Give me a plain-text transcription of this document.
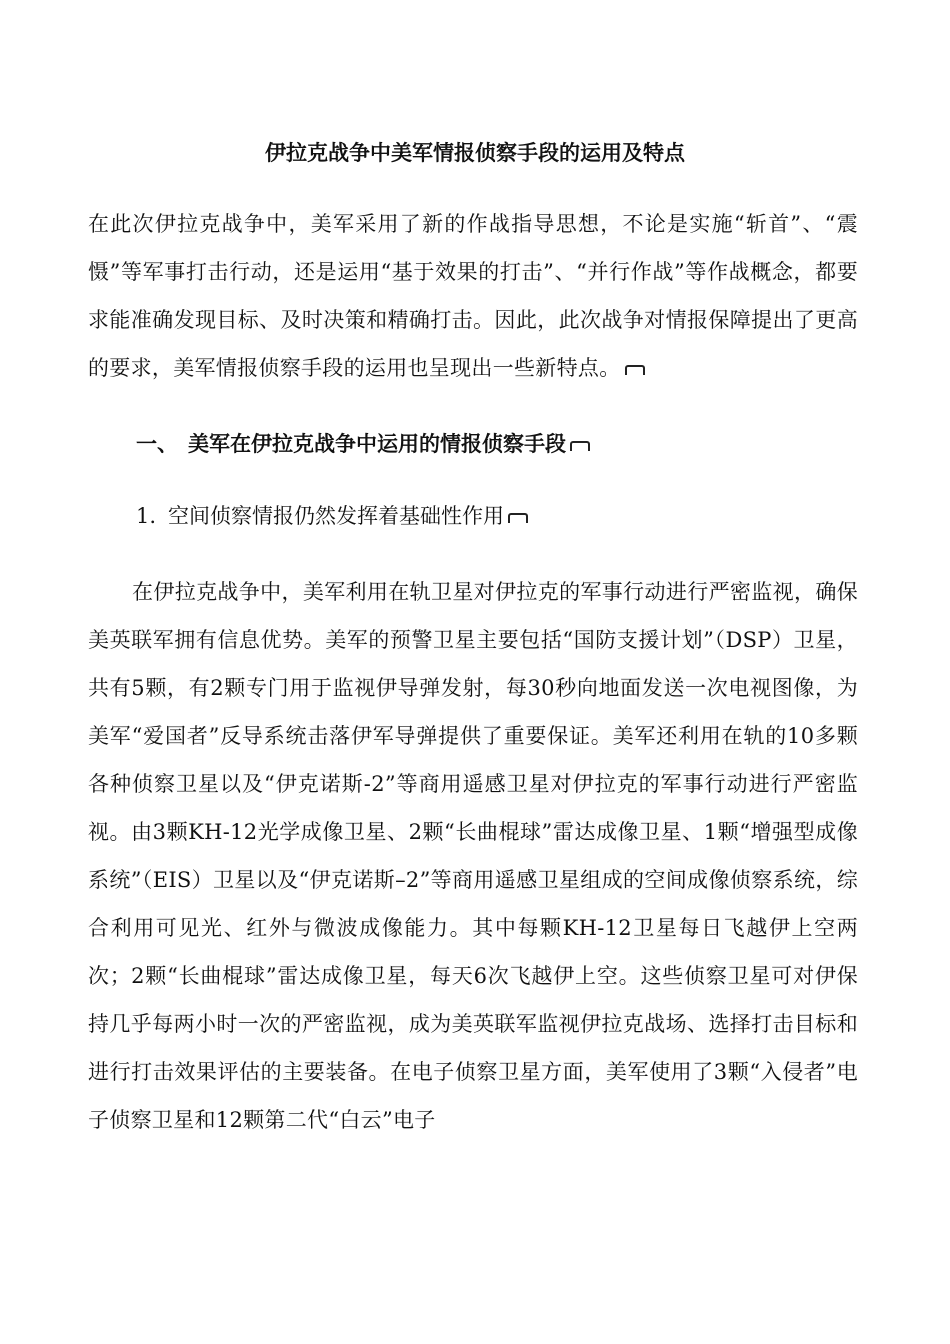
伊拉克战争中美军情报侦察手段的运用及特点
在此次伊拉克战争中，美军采用了新的作战指导思想，不论是实施“斩首”、“震慑”等军事打击行动，还是运用“基于效果的打击”、“并行作战”等作战概念，都要求能准确发现目标、及时决策和精确打击。因此，此次战争对情报保障提出了更高的要求，美军情报侦察手段的运用也呈现出一些新特点。
一、 美军在伊拉克战争中运用的情报侦察手段
1. 空间侦察情报仍然发挥着基础性作用
在伊拉克战争中，美军利用在轨卫星对伊拉克的军事行动进行严密监视，确保美英联军拥有信息优势。美军的预警卫星主要包括“国防支援计划”（DSP）卫星，共有5颗，有2颗专门用于监视伊导弹发射，每30秒向地面发送一次电视图像，为美军“爱国者”反导系统击落伊军导弹提供了重要保证。美军还利用在轨的10多颗各种侦察卫星以及“伊克诺斯-2”等商用遥感卫星对伊拉克的军事行动进行严密监视。由3颗KH-12光学成像卫星、2颗“长曲棍球”雷达成像卫星、1颗“增强型成像系统”（EIS）卫星以及“伊克诺斯–2”等商用遥感卫星组成的空间成像侦察系统，综合利用可见光、红外与微波成像能力。其中每颗KH-12卫星每日飞越伊上空两次；2颗“长曲棍球”雷达成像卫星，每天6次飞越伊上空。这些侦察卫星可对伊保持几乎每两小时一次的严密监视，成为美英联军监视伊拉克战场、选择打击目标和进行打击效果评估的主要装备。在电子侦察卫星方面，美军使用了3颗“入侵者”电子侦察卫星和12颗第二代“白云”电子
